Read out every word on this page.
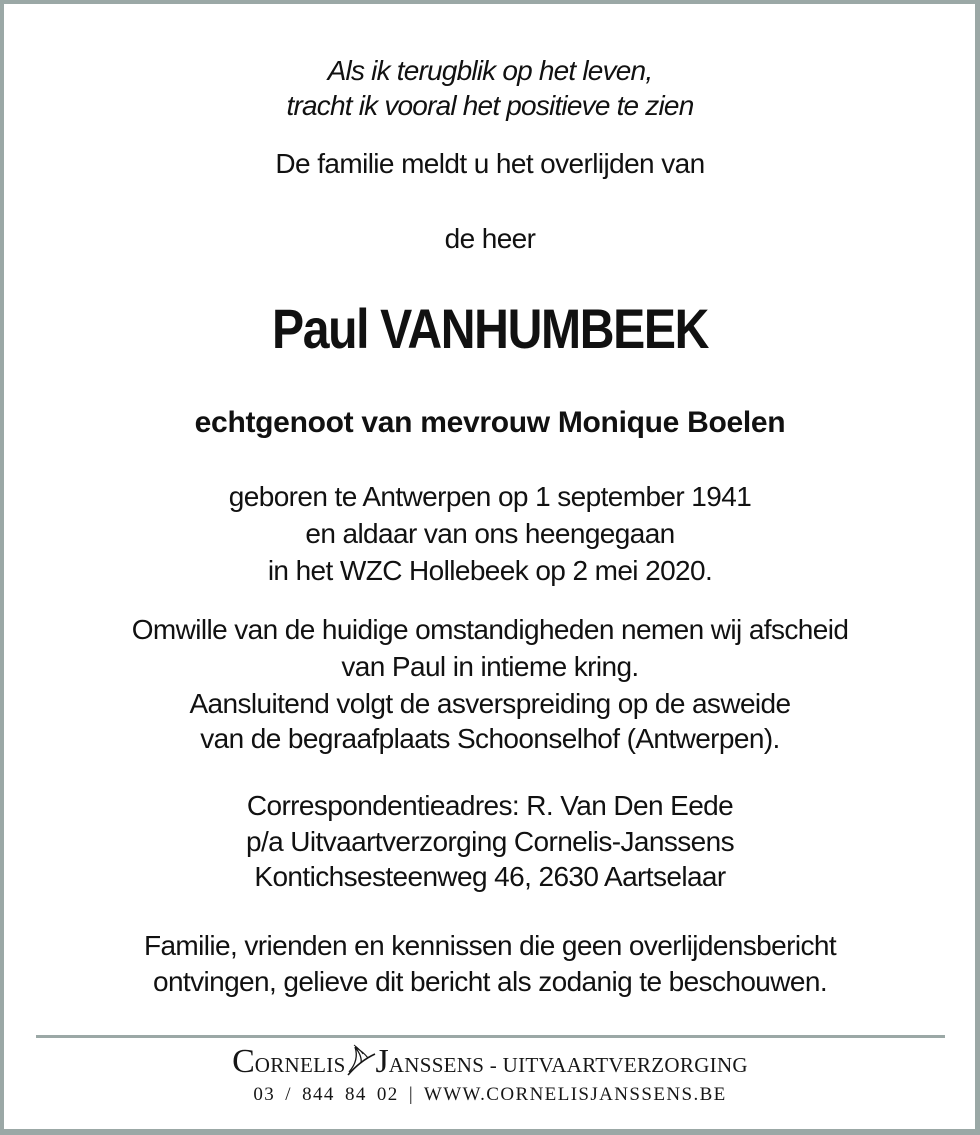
Als ik terugblik op het leven,
tracht ik vooral het positieve te zien
De familie meldt u het overlijden van
de heer
Paul VANHUMBEEK
echtgenoot van mevrouw Monique Boelen
geboren te Antwerpen op 1 september 1941
en aldaar van ons heengegaan
in het WZC Hollebeek op 2 mei 2020.
Omwille van de huidige omstandigheden nemen wij afscheid
van Paul in intieme kring.
Aansluitend volgt de asverspreiding op de asweide
van de begraafplaats Schoonselhof (Antwerpen).
Correspondentieadres: R. Van Den Eede
p/a Uitvaartverzorging Cornelis-Janssens
Kontichsesteenweg 46, 2630 Aartselaar
Familie, vrienden en kennissen die geen overlijdensbericht
ontvingen, gelieve dit bericht als zodanig te beschouwen.
CORNELIS JANSSENS - UITVAARTVERZORGING
03 / 844 84 02 | WWW.CORNELISJANSSENS.BE
